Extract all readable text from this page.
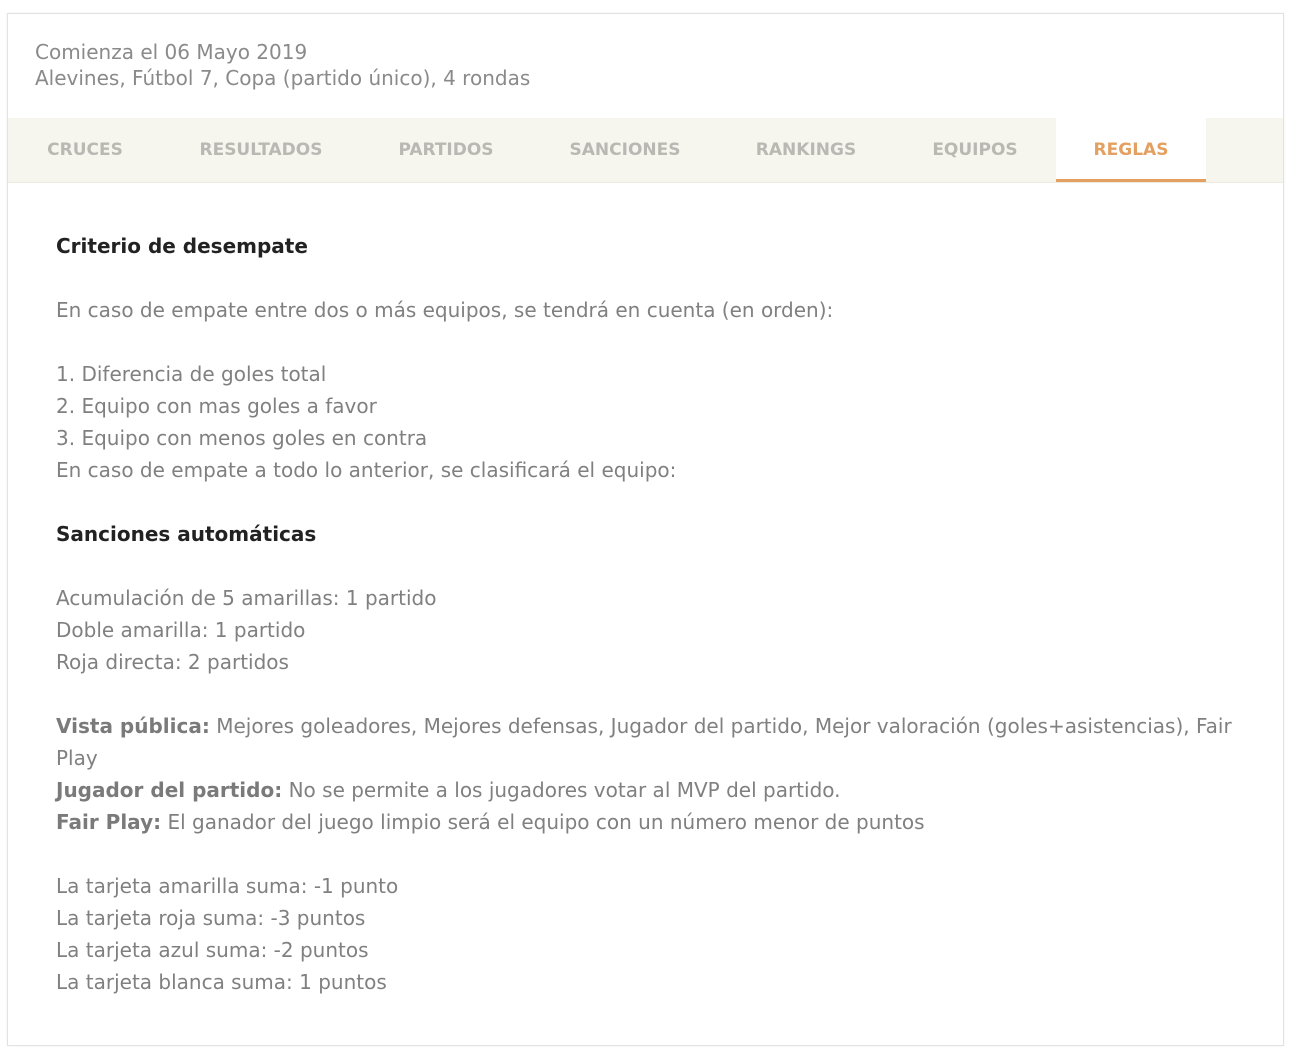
Comienza el 06 Mayo 2019
Alevines, Fútbol 7, Copa (partido único), 4 rondas
CRUCES	RESULTADOS	PARTIDOS	SANCIONES	RANKINGS	EQUIPOS	REGLAS
Criterio de desempate
En caso de empate entre dos o más equipos, se tendrá en cuenta (en orden):
1. Diferencia de goles total
2. Equipo con mas goles a favor
3. Equipo con menos goles en contra
En caso de empate a todo lo anterior, se clasificará el equipo:
Sanciones automáticas
Acumulación de 5 amarillas: 1 partido
Doble amarilla: 1 partido
Roja directa: 2 partidos
Vista pública: Mejores goleadores, Mejores defensas, Jugador del partido, Mejor valoración (goles+asistencias), Fair Play
Jugador del partido: No se permite a los jugadores votar al MVP del partido.
Fair Play: El ganador del juego limpio será el equipo con un número menor de puntos
La tarjeta amarilla suma: -1 punto
La tarjeta roja suma: -3 puntos
La tarjeta azul suma: -2 puntos
La tarjeta blanca suma: 1 puntos
